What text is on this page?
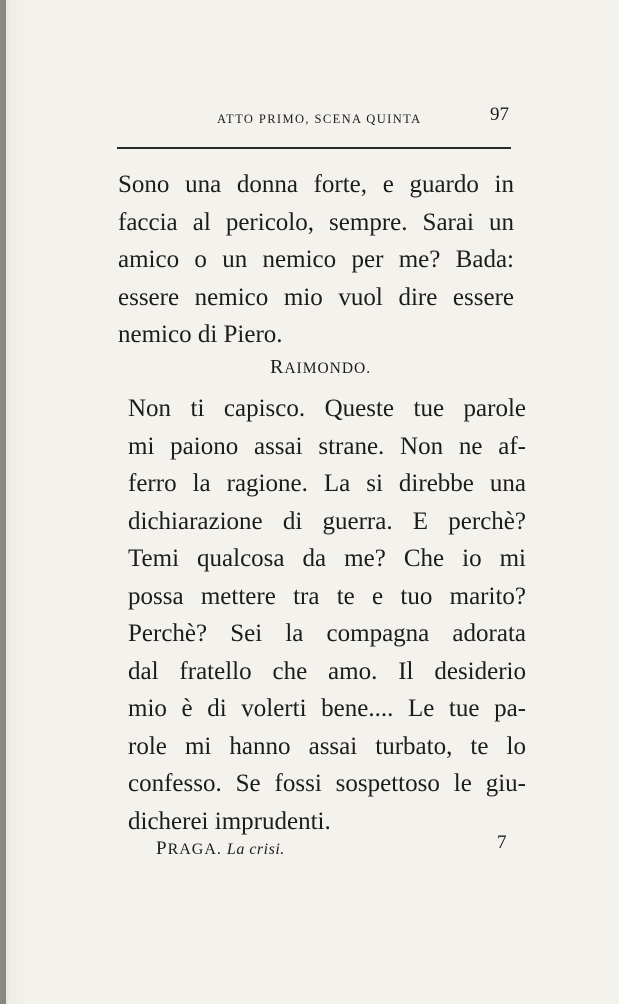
ATTO PRIMO, SCENA QUINTA	97
Sono una donna forte, e guardo in
faccia al pericolo, sempre. Sarai un
amico o un nemico per me? Bada:
essere nemico mio vuol dire essere
nemico di Piero.
RAIMONDO.
Non ti capisco. Queste tue parole
mi paiono assai strane. Non ne af-
ferro la ragione. La si direbbe una
dichiarazione di guerra. E perchè?
Temi qualcosa da me? Che io mi
possa mettere tra te e tuo marito?
Perchè? Sei la compagna adorata
dal fratello che amo. Il desiderio
mio è di volerti bene.... Le tue pa-
role mi hanno assai turbato, te lo
confesso. Se fossi sospettoso le giu-
dicherei imprudenti.
PRAGA. La crisi.	7
